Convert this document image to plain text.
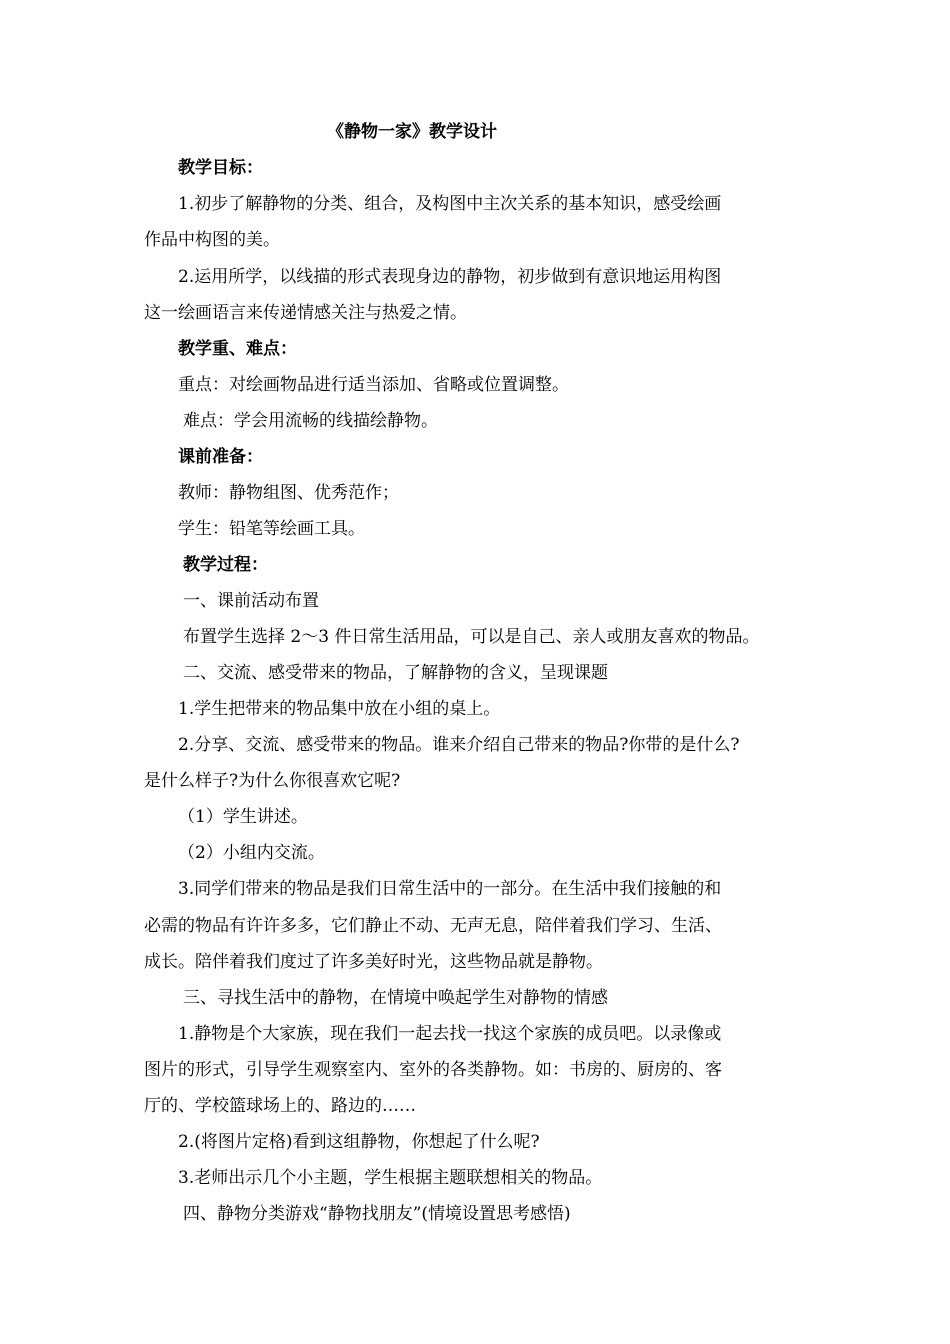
《静物一家》教学设计
教学目标：
1.初步了解静物的分类、组合，及构图中主次关系的基本知识，感受绘画
作品中构图的美。
2.运用所学，以线描的形式表现身边的静物，初步做到有意识地运用构图
这一绘画语言来传递情感关注与热爱之情。
教学重、难点：
重点：对绘画物品进行适当添加、省略或位置调整。
难点：学会用流畅的线描绘静物。
课前准备：
教师：静物组图、优秀范作；
学生：铅笔等绘画工具。
教学过程：
一、课前活动布置
布置学生选择 2～3 件日常生活用品，可以是自己、亲人或朋友喜欢的物品。
二、交流、感受带来的物品，了解静物的含义，呈现课题
1.学生把带来的物品集中放在小组的桌上。
2.分享、交流、感受带来的物品。谁来介绍自己带来的物品?你带的是什么?
是什么样子?为什么你很喜欢它呢?
（1）学生讲述。
（2）小组内交流。
3.同学们带来的物品是我们日常生活中的一部分。在生活中我们接触的和
必需的物品有许许多多，它们静止不动、无声无息，陪伴着我们学习、生活、
成长。陪伴着我们度过了许多美好时光，这些物品就是静物。
三、寻找生活中的静物，在情境中唤起学生对静物的情感
1.静物是个大家族，现在我们一起去找一找这个家族的成员吧。以录像或
图片的形式，引导学生观察室内、室外的各类静物。如：书房的、厨房的、客
厅的、学校篮球场上的、路边的……
2.(将图片定格)看到这组静物，你想起了什么呢?
3.老师出示几个小主题，学生根据主题联想相关的物品。
四、静物分类游戏“静物找朋友”(情境设置思考感悟)
